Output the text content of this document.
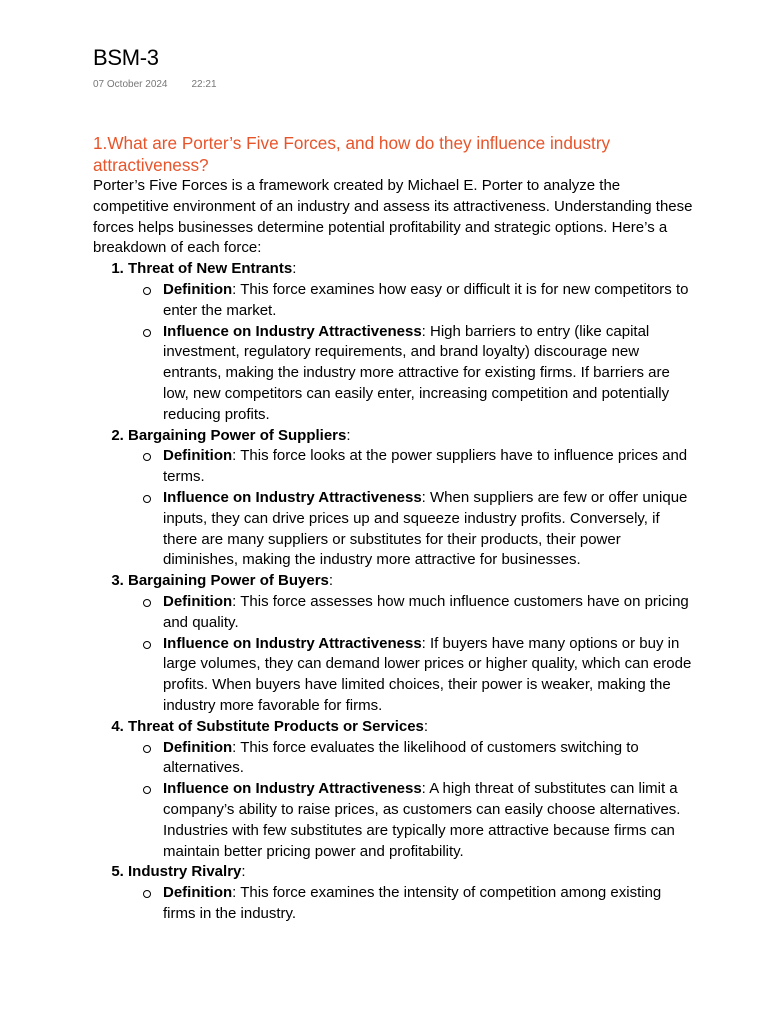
BSM-3
07 October 2024 22:21
1.What are Porter’s Five Forces, and how do they influence industry attractiveness?

Porter’s Five Forces is a framework created by Michael E. Porter to analyze the competitive environment of an industry and assess its attractiveness. Understanding these forces helps businesses determine potential profitability and strategic options. Here’s a breakdown of each force:

1. Threat of New Entrants:
Definition: This force examines how easy or difficult it is for new competitors to enter the market.
Influence on Industry Attractiveness: High barriers to entry (like capital investment, regulatory requirements, and brand loyalty) discourage new entrants, making the industry more attractive for existing firms. If barriers are low, new competitors can easily enter, increasing competition and potentially reducing profits.
2. Bargaining Power of Suppliers:
Definition: This force looks at the power suppliers have to influence prices and terms.
Influence on Industry Attractiveness: When suppliers are few or offer unique inputs, they can drive prices up and squeeze industry profits. Conversely, if there are many suppliers or substitutes for their products, their power diminishes, making the industry more attractive for businesses.
3. Bargaining Power of Buyers:
Definition: This force assesses how much influence customers have on pricing and quality.
Influence on Industry Attractiveness: If buyers have many options or buy in large volumes, they can demand lower prices or higher quality, which can erode profits. When buyers have limited choices, their power is weaker, making the industry more favorable for firms.
4. Threat of Substitute Products or Services:
Definition: This force evaluates the likelihood of customers switching to alternatives.
Influence on Industry Attractiveness: A high threat of substitutes can limit a company’s ability to raise prices, as customers can easily choose alternatives. Industries with few substitutes are typically more attractive because firms can maintain better pricing power and profitability.
5. Industry Rivalry:
Definition: This force examines the intensity of competition among existing firms in the industry.
